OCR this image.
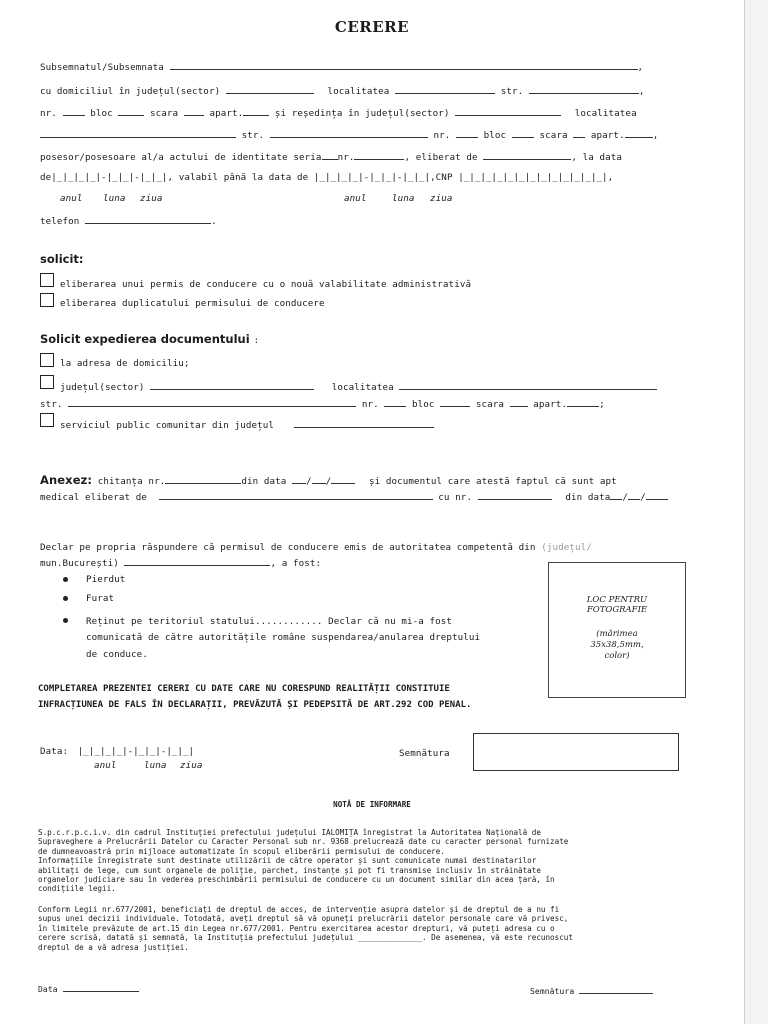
CERERE
Subsemnatul/Subsemnata	,
cu domiciliul în județul(sector)	localitatea	str.	,
nr.	bloc	scara	apart.	și reședința în județul(sector)	localitatea
str.	nr.	bloc	scara	apart.	,
posesor/posesoare al/a actului de identitate seria nr.	, eliberat de	, la data
de|_|_|_|_|-|_|_|-|_|_|, valabil până la data de |_|_|_|_|-|_|_|-|_|_|,CNP |_|_|_|_|_|_|_|_|_|_|_|_|_|,
anul luna ziua	anul	luna ziua
telefon	.
solicit:
eliberarea unui permis de conducere cu o nouă valabilitate administrativă
eliberarea duplicatului permisului de conducere
Solicit expedierea documentului :
la adresa de domiciliu;
județul(sector)	localitatea
str.	nr.	bloc	scara	apart.	;
serviciul public comunitar din județul
Anexez: chitanța nr.	din data / /	și documentul care atestă faptul că sunt apt
medical eliberat de	cu nr.	din data / /
Declar pe propria răspundere că permisul de conducere emis de autoritatea competentă din (județul/
mun.București)	, a fost:
Pierdut
Furat
Reținut pe teritoriul statului............ Declar că nu mi-a fost
comunicată de către autoritățile române suspendarea/anularea dreptului
de conduce.
LOC PENTRU
FOTOGRAFIE
(mărimea
35x38,5mm,
color)
COMPLETAREA PREZENTEI CERERI CU DATE CARE NU CORESPUND REALITĂȚII CONSTITUIE
INFRACȚIUNEA DE FALS ÎN DECLARAȚII, PREVĂZUTĂ ȘI PEDEPSITĂ DE ART.292 COD PENAL.
Data: |_|_|_|_|-|_|_|-|_|_|
anul	luna ziua
Semnătura
NOTĂ DE INFORMARE
S.p.c.r.p.c.i.v. din cadrul Instituției prefectului județului IALOMIȚA înregistrat la Autoritatea Națională de
Supraveghere a Prelucrării Datelor cu Caracter Personal sub nr. 9368 prelucrează date cu caracter personal furnizate
de dumneavoastră prin mijloace automatizate în scopul eliberării permisului de conducere.
Informațiile înregistrate sunt destinate utilizării de către operator și sunt comunicate numai destinatarilor
abilitați de lege, cum sunt organele de poliție, parchet, instanțe și pot fi transmise inclusiv în străinătate
organelor judiciare sau în vederea preschimbării permisului de conducere cu un document similar din acea țară, în
condițiile legii.
Conform Legii nr.677/2001, beneficiați de dreptul de acces, de intervenție asupra datelor și de dreptul de a nu fi
supus unei decizii individuale. Totodată, aveți dreptul să vă opuneți prelucrării datelor personale care vă privesc,
în limitele prevăzute de art.15 din Legea nr.677/2001. Pentru exercitarea acestor drepturi, vă puteți adresa cu o
cerere scrisă, datată și semnată, la Instituția prefectului județului ______________. De asemenea, vă este recunoscut
dreptul de a vă adresa justiției.
Data	Semnătura
